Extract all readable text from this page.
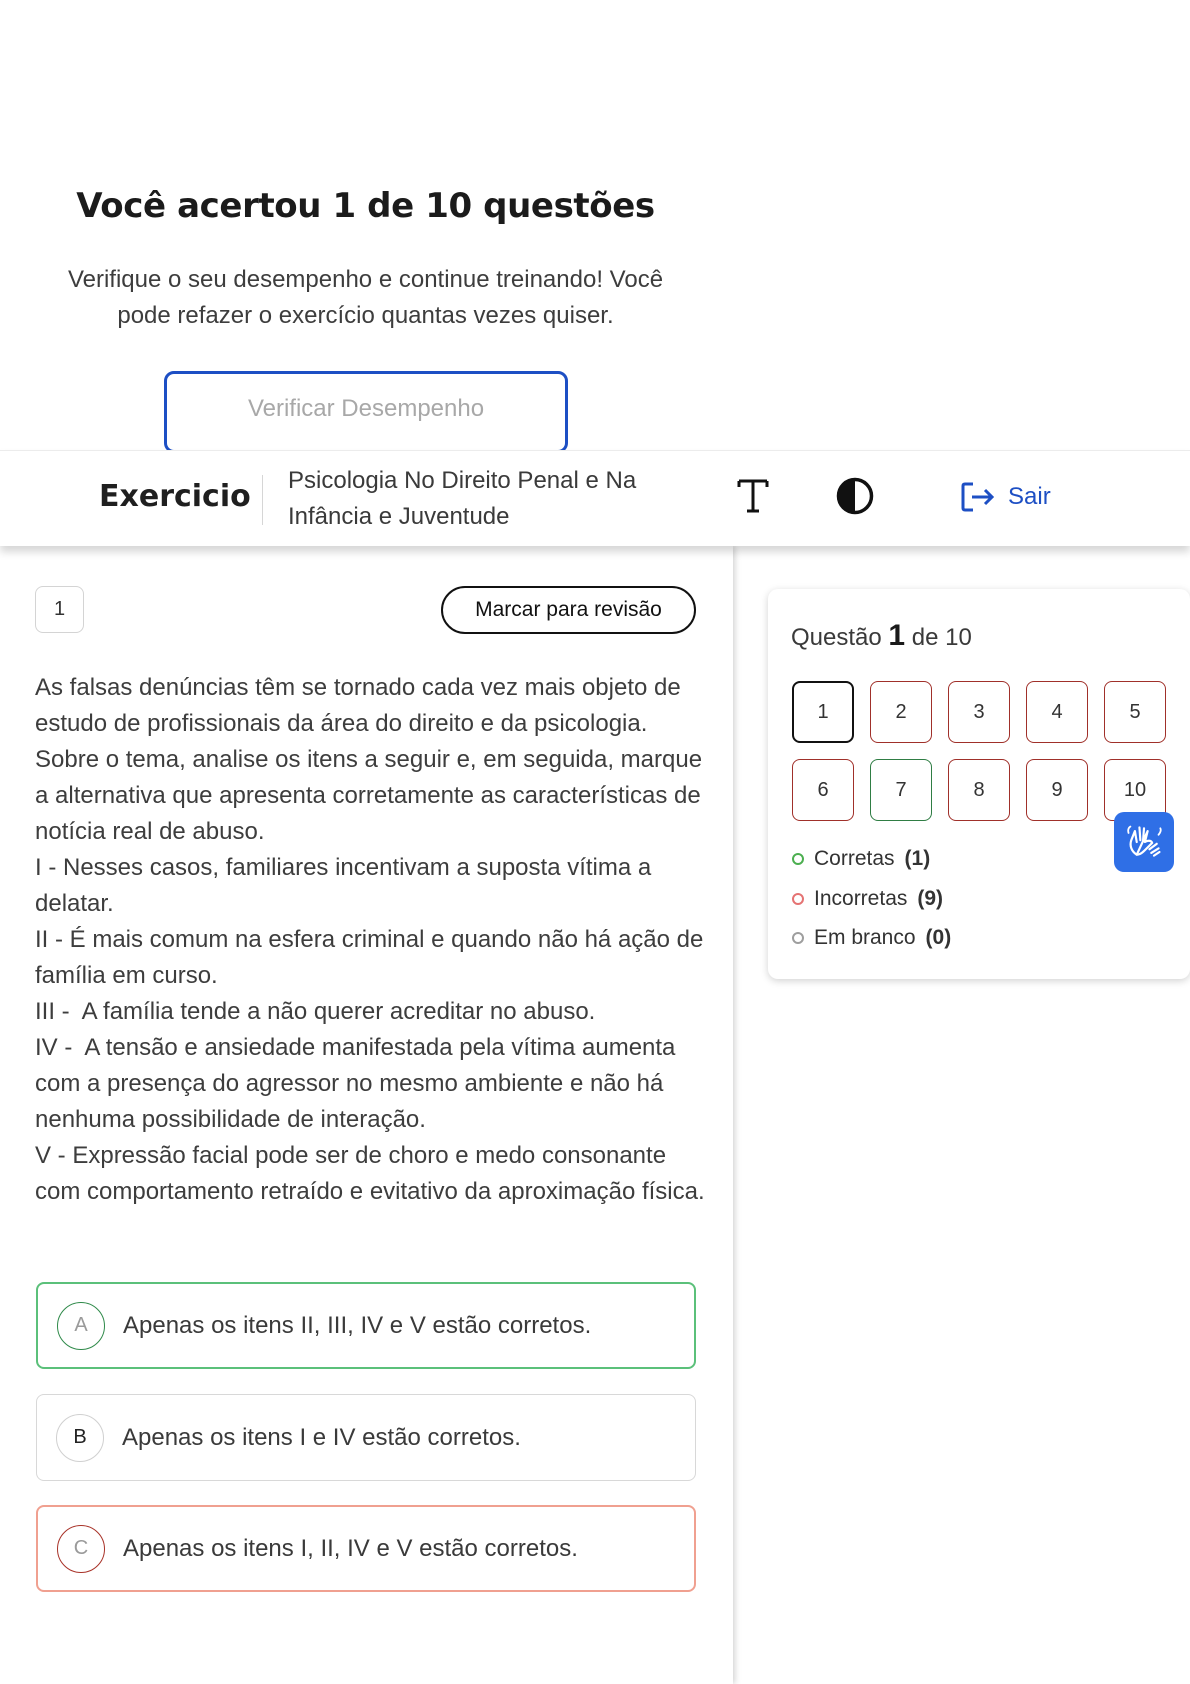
Você acertou 1 de 10 questões

Verifique o seu desempenho e continue treinando! Você pode refazer o exercício quantas vezes quiser.

Verificar Desempenho
Exercicio Psicologia No Direito Penal e Na Infância e Juventude
Sair
1	Marcar para revisão
As falsas denúncias têm se tornado cada vez mais objeto de estudo de profissionais da área do direito e da psicologia. Sobre o tema, analise os itens a seguir e, em seguida, marque a alternativa que apresenta corretamente as características de notícia real de abuso.
I - Nesses casos, familiares incentivam a suposta vítima a delatar.
II - É mais comum na esfera criminal e quando não há ação de família em curso.
III -  A família tende a não querer acreditar no abuso.
IV -  A tensão e ansiedade manifestada pela vítima aumenta com a presença do agressor no mesmo ambiente e não há nenhuma possibilidade de interação.
V - Expressão facial pode ser de choro e medo consonante com comportamento retraído e evitativo da aproximação física.
A	Apenas os itens II, III, IV e V estão corretos.
B	Apenas os itens I e IV estão corretos.
C	Apenas os itens I, II, IV e V estão corretos.
Questão 1 de 10
1	2	3	4	5
6	7	8	9	10
Corretas (1)
Incorretas (9)
Em branco (0)
